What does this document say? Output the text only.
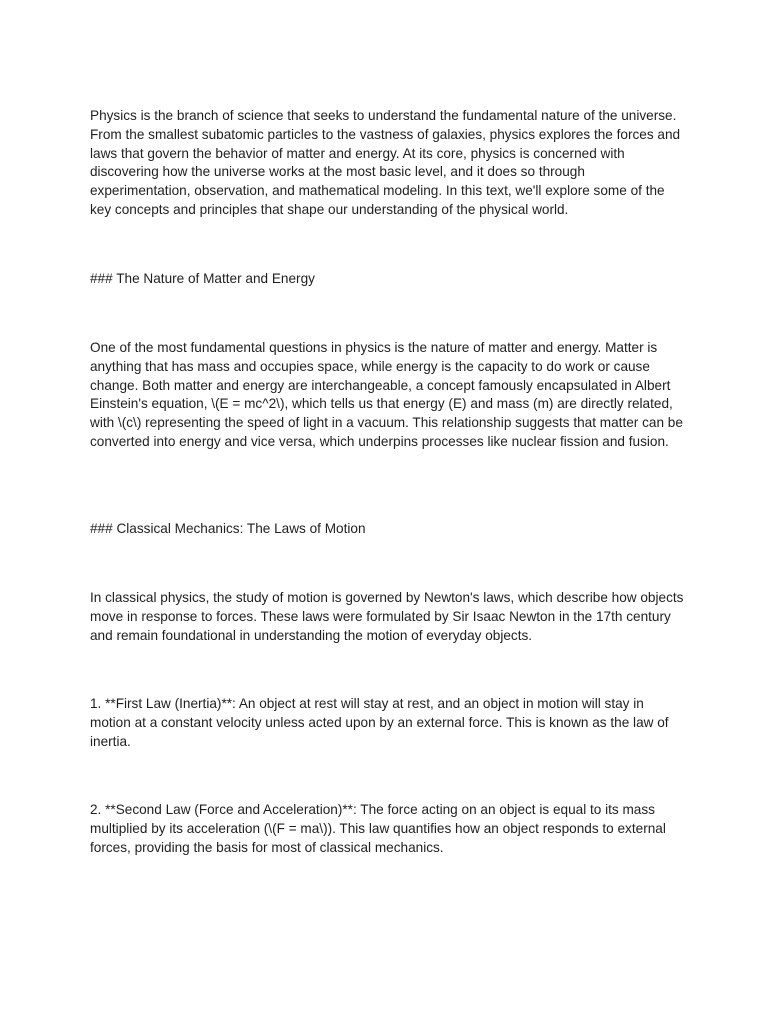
Physics is the branch of science that seeks to understand the fundamental nature of the universe. From the smallest subatomic particles to the vastness of galaxies, physics explores the forces and laws that govern the behavior of matter and energy. At its core, physics is concerned with discovering how the universe works at the most basic level, and it does so through experimentation, observation, and mathematical modeling. In this text, we'll explore some of the key concepts and principles that shape our understanding of the physical world.

### The Nature of Matter and Energy

One of the most fundamental questions in physics is the nature of matter and energy. Matter is anything that has mass and occupies space, while energy is the capacity to do work or cause change. Both matter and energy are interchangeable, a concept famously encapsulated in Albert Einstein's equation, \(E = mc^2\), which tells us that energy (E) and mass (m) are directly related, with \(c\) representing the speed of light in a vacuum. This relationship suggests that matter can be converted into energy and vice versa, which underpins processes like nuclear fission and fusion.

### Classical Mechanics: The Laws of Motion

In classical physics, the study of motion is governed by Newton's laws, which describe how objects move in response to forces. These laws were formulated by Sir Isaac Newton in the 17th century and remain foundational in understanding the motion of everyday objects.

1. **First Law (Inertia)**: An object at rest will stay at rest, and an object in motion will stay in motion at a constant velocity unless acted upon by an external force. This is known as the law of inertia.

2. **Second Law (Force and Acceleration)**: The force acting on an object is equal to its mass multiplied by its acceleration (\(F = ma\)). This law quantifies how an object responds to external forces, providing the basis for most of classical mechanics.
